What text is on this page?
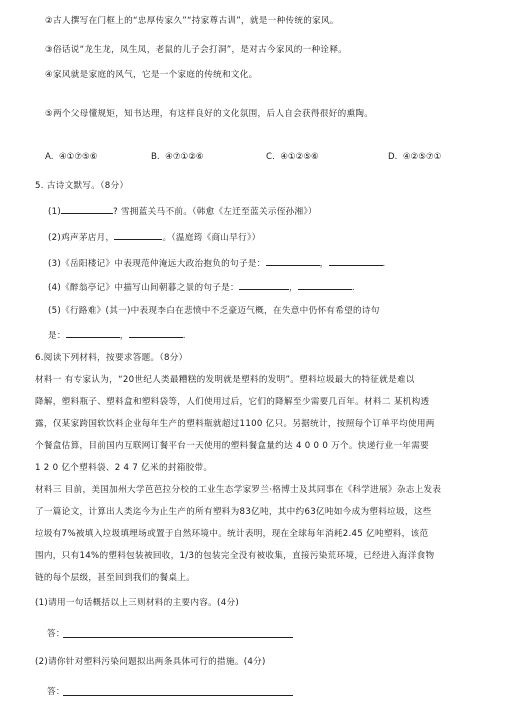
②古人撰写在门框上的“忠厚传家久”“持家尊古训”，就是一种传统的家风。
③俗话说“龙生龙，凤生凤，老鼠的儿子会打洞”，是对古今家风的一种诠释。
④家风就是家庭的风气，它是一个家庭的传统和文化。
⑤两个父母懂规矩，知书达理，有这样良好的文化氛围，后人自会获得很好的熏陶。
A. ④①⑦⑤⑥	B. ④⑦①②⑥	C. ④①②⑤⑥	D. ④②⑤⑦①
5. 古诗文默写。（8分）
(1)	? 雪拥蓝关马不前。（韩愈《左迁至蓝关示侄孙湘》）
(2)鸡声茅店月，	。（温庭筠《商山早行》）
(3)《岳阳楼记》中表现范仲淹远大政治抱负的句子是：	，	.
(4)《醉翁亭记》中描写山间朝暮之景的句子是：	，	.
(5)《行路难》(其一)中表现李白在悲愤中不乏豪迈气概，在失意中仍怀有希望的诗句
是：	，	.
6.阅读下列材料，按要求答题。（8分）
材料一 有专家认为，“20世纪人类最糟糕的发明就是塑料的发明”。塑料垃圾最大的特征就是难以
降解，塑料瓶子、塑料盒和塑料袋等，人们使用过后，它们的降解至少需要几百年。材料二 某机构透
露，仅某家跨国软饮料企业每年生产的塑料瓶就超过1100 亿只。另据统计，按照每个订单平均使用两
个餐盒估算，目前国内互联网订餐平台一天使用的塑料餐盒量约达 4 0 0 0 万个。快递行业一年需要
1 2 0 亿个塑料袋、2 4 7 亿米的封箱胶带。
材料三 目前，美国加州大学芭芭拉分校的工业生态学家罗兰·格博士及其同事在《科学进展》杂志上发表
了一篇论文，计算出人类迄今为止生产的所有塑料为83亿吨，其中约63亿吨如今成为塑料垃圾，这些
垃圾有7%被填入垃圾填埋场或置于自然环境中。统计表明，现在全球每年消耗2.45 亿吨塑料，该范
围内，只有14%的塑料包装被回收，1/3的包装完全没有被收集，直接污染荒环境，已经进入海洋食物
链的每个层级，甚至回到我们的餐桌上。
(1)请用一句话概括以上三则材料的主要内容。(4分)
答：
(2)请你针对塑料污染问题拟出两条具体可行的措施。(4分)
答：
